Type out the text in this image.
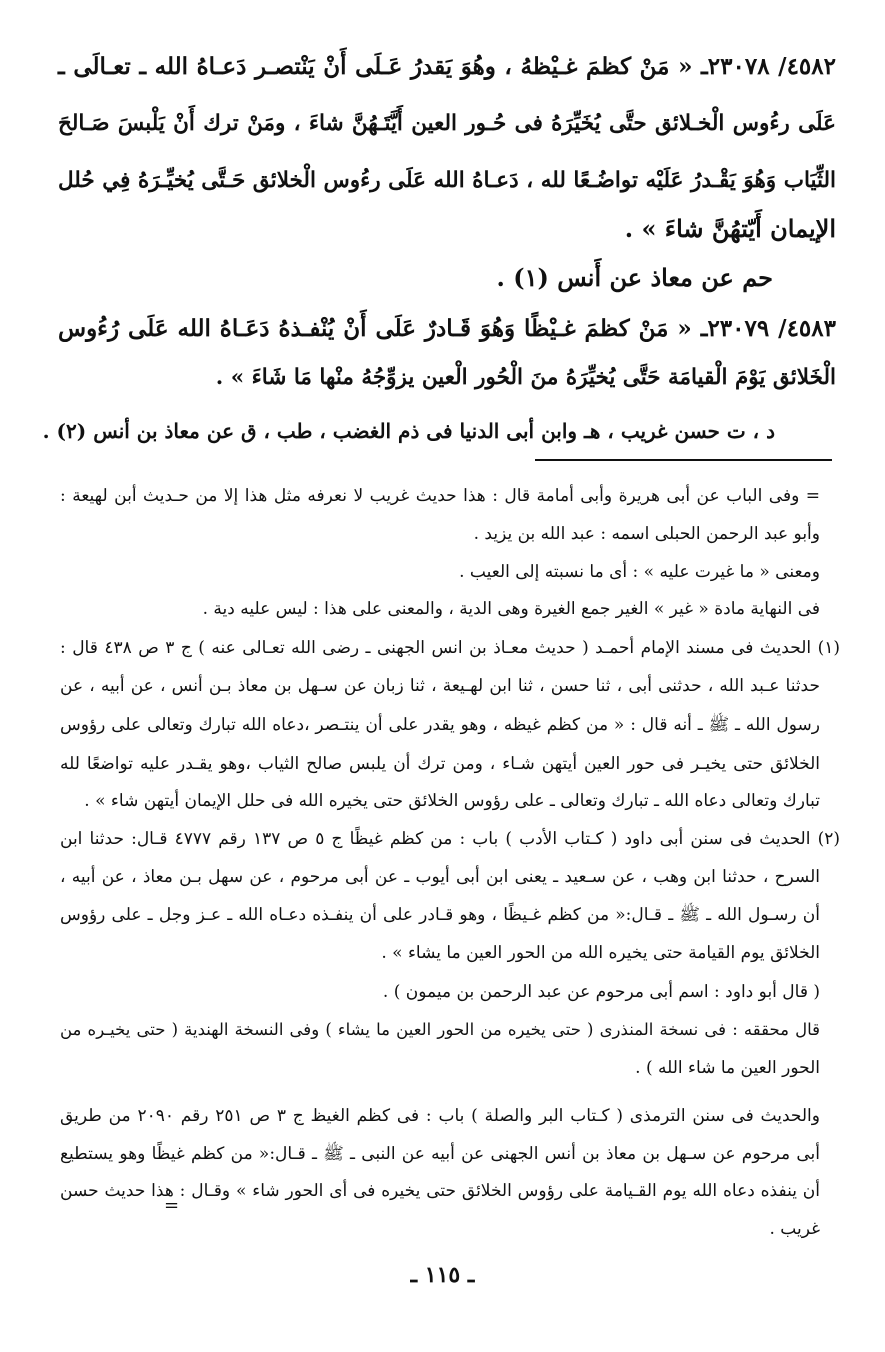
٤٥٨٢/ ٢٣٠٧٨ـ « مَنْ كظمَ غـيْظهُ ، وهُوَ يَقدرُ عَـلَى أَنْ يَنْتصـر دَعـاهُ الله ـ تعـالَى ـ
عَلَى رءُوس الْخـلائق حتَّى يُخَيِّرَهُ فى حُـور العين أَيَّتَـهُنَّ شاءَ ، ومَنْ ترك أَنْ يَلْبسَ صَـالحَ
الثِّيَاب وَهُوَ يَقْـدرُ عَلَيْه تواضُـعًا لله ، دَعـاهُ الله عَلَى رءُوس الْخلائق حَـتَّى يُخيِّـرَهُ فِي حُلل
الإيمان أَيّتهُنَّ شاءَ » .
حم عن معاذ عن أَنس (١) .
٤٥٨٣/ ٢٣٠٧٩ـ « مَنْ كظمَ غـيْظًا وَهُوَ قَـادرٌ عَلَى أَنْ يُنْفـذهُ دَعَـاهُ الله عَلَى رُءُوس
الْخَلائق يَوْمَ الْقيامَة حَتَّى يُخيِّرَهُ منَ الْحُور الْعين يزوِّجُهُ منْها مَا شَاءَ » .
د ، ت حسن غريب ، هـ وابن أبى الدنيا فى ذم الغضب ، طب ، ق عن معاذ بن أنس (٢) .
= وفى الباب عن أبى هريرة وأبى أمامة قال : هذا حديث غريب لا نعرفه مثل هذا إلا من حـديث أبن لهيعة :
وأبو عبد الرحمن الحبلى اسمه : عبد الله بن يزيد .
ومعنى « ما غيرت عليه » : أى ما نسبته إلى العيب .
فى النهاية مادة « غير » الغير جمع الغيرة وهى الدية ، والمعنى على هذا : ليس عليه دية .
(١) الحديث فى مسند الإمام أحمـد ( حديث معـاذ بن انس الجهنى ـ رضى الله تعـالى عنه ) ج ٣ ص ٤٣٨ قال :
حدثنا عـبد الله ، حدثنى أبى ، ثنا حسن ، ثنا ابن لهـيعة ، ثنا زبان عن سـهل بن معاذ بـن أنس ، عن أبيه ، عن
رسول الله ـ ﷺ ـ أنه قال : « من كظم غيظه ، وهو يقدر على أن ينتـصر ،دعاه الله تبارك وتعالى على رؤوس
الخلائق حتى يخيـر فى حور العين أيتهن شـاء ، ومن ترك أن يلبس صالح الثياب ،وهو يقـدر عليه تواضعًا لله
تبارك وتعالى دعاه الله ـ تبارك وتعالى ـ على رؤوس الخلائق حتى يخيره الله فى حلل الإيمان أيتهن شاء » .
(٢) الحديث فى سنن أبى داود ( كـتاب الأدب ) باب : من كظم غيظًا ج ٥ ص ١٣٧ رقم ٤٧٧٧ قـال: حدثنا ابن
السرح ، حدثنا ابن وهب ، عن سـعيد ـ يعنى ابن أبى أيوب ـ عن أبى مرحوم ، عن سهل بـن معاذ ، عن أبيه ،
أن رسـول الله ـ ﷺ ـ قـال:« من كظم غـيظًا ، وهو قـادر على أن ينفـذه دعـاه الله ـ عـز وجل ـ على رؤوس
الخلائق يوم القيامة حتى يخيره الله من الحور العين ما يشاء » .
( قال أبو داود : اسم أبى مرحوم عن عبد الرحمن بن ميمون ) .
قال محققه : فى نسخة المنذرى ( حتى يخيره من الحور العين ما يشاء ) وفى النسخة الهندية ( حتى يخيـره من
الحور العين ما شاء الله ) .
والحديث فى سنن الترمذى ( كـتاب البر والصلة ) باب : فى كظم الغيظ ج ٣ ص ٢٥١ رقم ٢٠٩٠ من طريق
أبى مرحوم عن سـهل بن معاذ بن أنس الجهنى عن أبيه عن النبى ـ ﷺ ـ قـال:« من كظم غيظًا وهو يستطيع
أن ينفذه دعاه الله يوم القـيامة على رؤوس الخلائق حتى يخيره فى أى الحور شاء » وقـال : هذا حديث حسن
غريب .
=
ـ ١١٥ ـ
